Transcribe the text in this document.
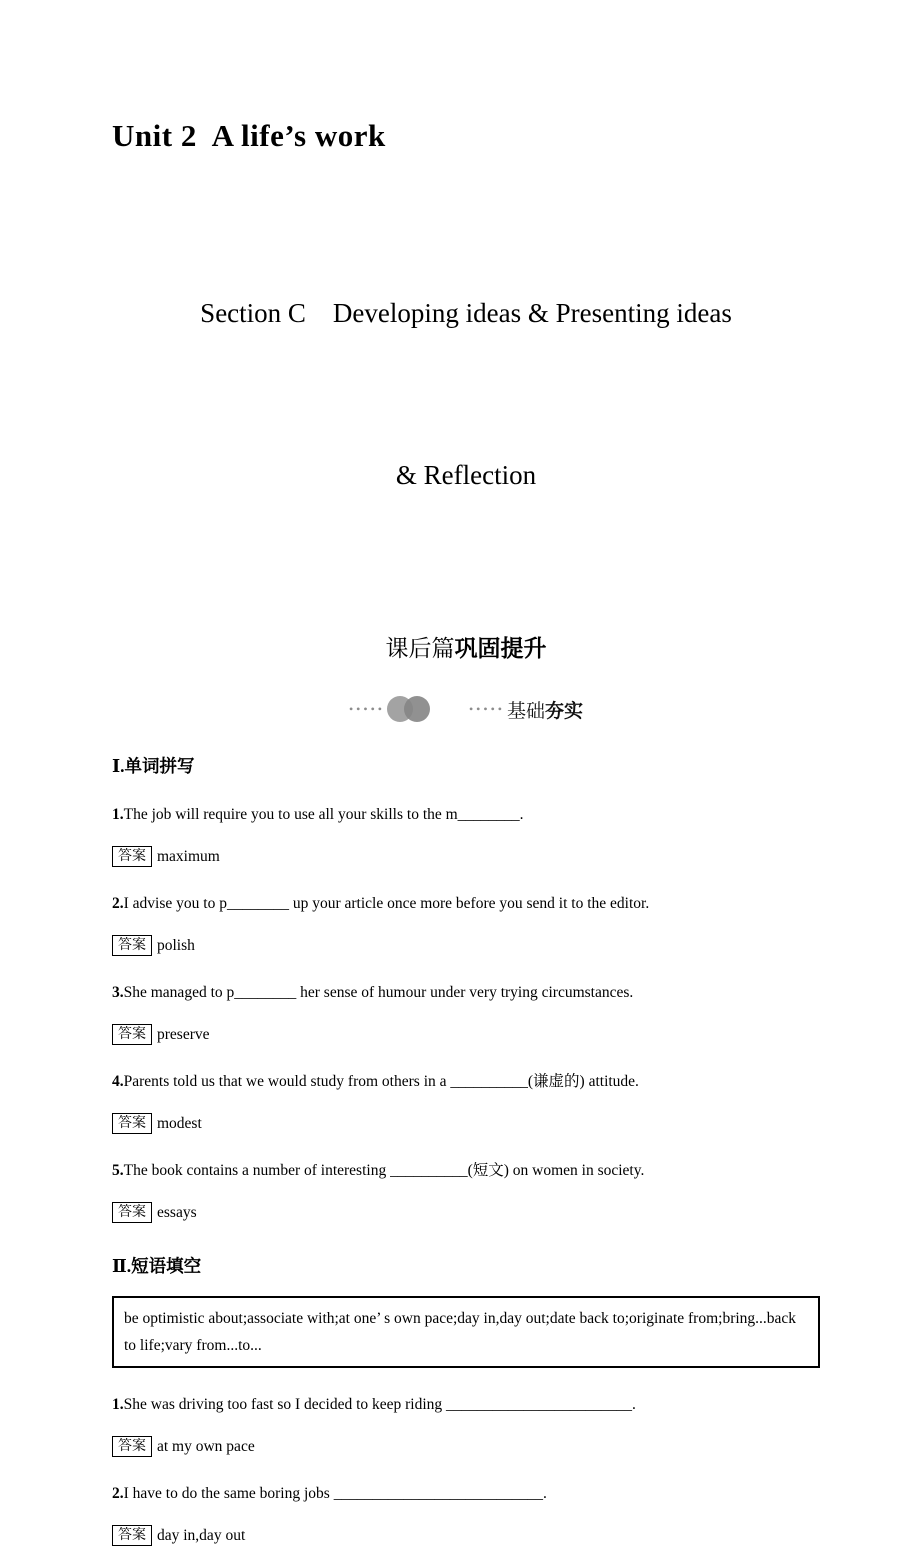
Unit 2  A life’s work

Section C　Developing ideas & Presenting ideas

& Reflection

课后篇巩固提升
•••••	••••• 基础夯实
Ⅰ.单词拼写

1.The job will require you to use all your skills to the m________.

答案 maximum

2.I advise you to p________ up your article once more before you send it to the editor.

答案 polish

3.She managed to p________ her sense of humour under very trying circumstances.

答案 preserve

4.Parents told us that we would study from others in a __________(谦虚的) attitude.

答案 modest

5.The book contains a number of interesting __________(短文) on women in society.

答案 essays

Ⅱ.短语填空
be optimistic about;associate with;at one’ s own pace;day in,day out;date back to;originate from;bring...back to life;vary from...to...

1.She was driving too fast so I decided to keep riding ________________________.

答案 at my own pace

2.I have to do the same boring jobs ___________________________.

答案 day in,day out
